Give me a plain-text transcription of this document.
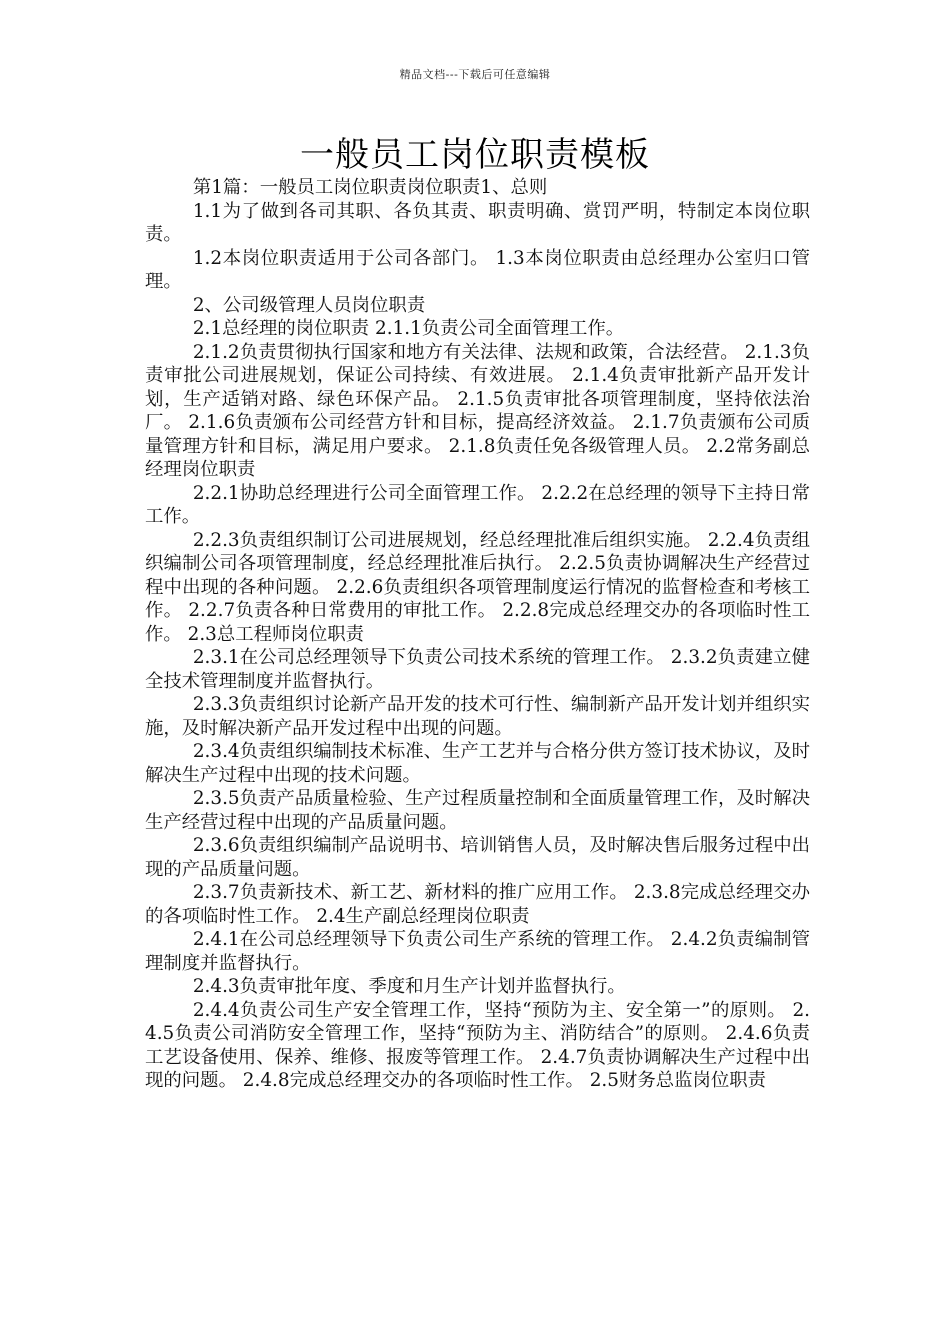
精品文档---下载后可任意编辑
一般员工岗位职责模板

第1篇：一般员工岗位职责岗位职责1、总则

1.1为了做到各司其职、各负其责、职责明确、赏罚严明，特制定本岗位职责。

1.2本岗位职责适用于公司各部门。 1.3本岗位职责由总经理办公室归口管理。

2、公司级管理人员岗位职责

2.1总经理的岗位职责 2.1.1负责公司全面管理工作。

2.1.2负责贯彻执行国家和地方有关法律、法规和政策，合法经营。 2.1.3负责审批公司进展规划，保证公司持续、有效进展。 2.1.4负责审批新产品开发计划，生产适销对路、绿色环保产品。 2.1.5负责审批各项管理制度，坚持依法治厂。 2.1.6负责颁布公司经营方针和目标，提高经济效益。 2.1.7负责颁布公司质量管理方针和目标，满足用户要求。 2.1.8负责任免各级管理人员。 2.2常务副总经理岗位职责

2.2.1协助总经理进行公司全面管理工作。 2.2.2在总经理的领导下主持日常工作。

2.2.3负责组织制订公司进展规划，经总经理批准后组织实施。 2.2.4负责组织编制公司各项管理制度，经总经理批准后执行。 2.2.5负责协调解决生产经营过程中出现的各种问题。 2.2.6负责组织各项管理制度运行情况的监督检查和考核工作。 2.2.7负责各种日常费用的审批工作。 2.2.8完成总经理交办的各项临时性工作。 2.3总工程师岗位职责

2.3.1在公司总经理领导下负责公司技术系统的管理工作。 2.3.2负责建立健全技术管理制度并监督执行。

2.3.3负责组织讨论新产品开发的技术可行性、编制新产品开发计划并组织实施，及时解决新产品开发过程中出现的问题。

2.3.4负责组织编制技术标准、生产工艺并与合格分供方签订技术协议，及时解决生产过程中出现的技术问题。

2.3.5负责产品质量检验、生产过程质量控制和全面质量管理工作，及时解决生产经营过程中出现的产品质量问题。

2.3.6负责组织编制产品说明书、培训销售人员，及时解决售后服务过程中出现的产品质量问题。

2.3.7负责新技术、新工艺、新材料的推广应用工作。 2.3.8完成总经理交办的各项临时性工作。 2.4生产副总经理岗位职责

2.4.1在公司总经理领导下负责公司生产系统的管理工作。 2.4.2负责编制管理制度并监督执行。

2.4.3负责审批年度、季度和月生产计划并监督执行。

2.4.4负责公司生产安全管理工作，坚持“预防为主、安全第一”的原则。 2.4.5负责公司消防安全管理工作，坚持“预防为主、消防结合”的原则。 2.4.6负责工艺设备使用、保养、维修、报废等管理工作。 2.4.7负责协调解决生产过程中出现的问题。 2.4.8完成总经理交办的各项临时性工作。 2.5财务总监岗位职责
